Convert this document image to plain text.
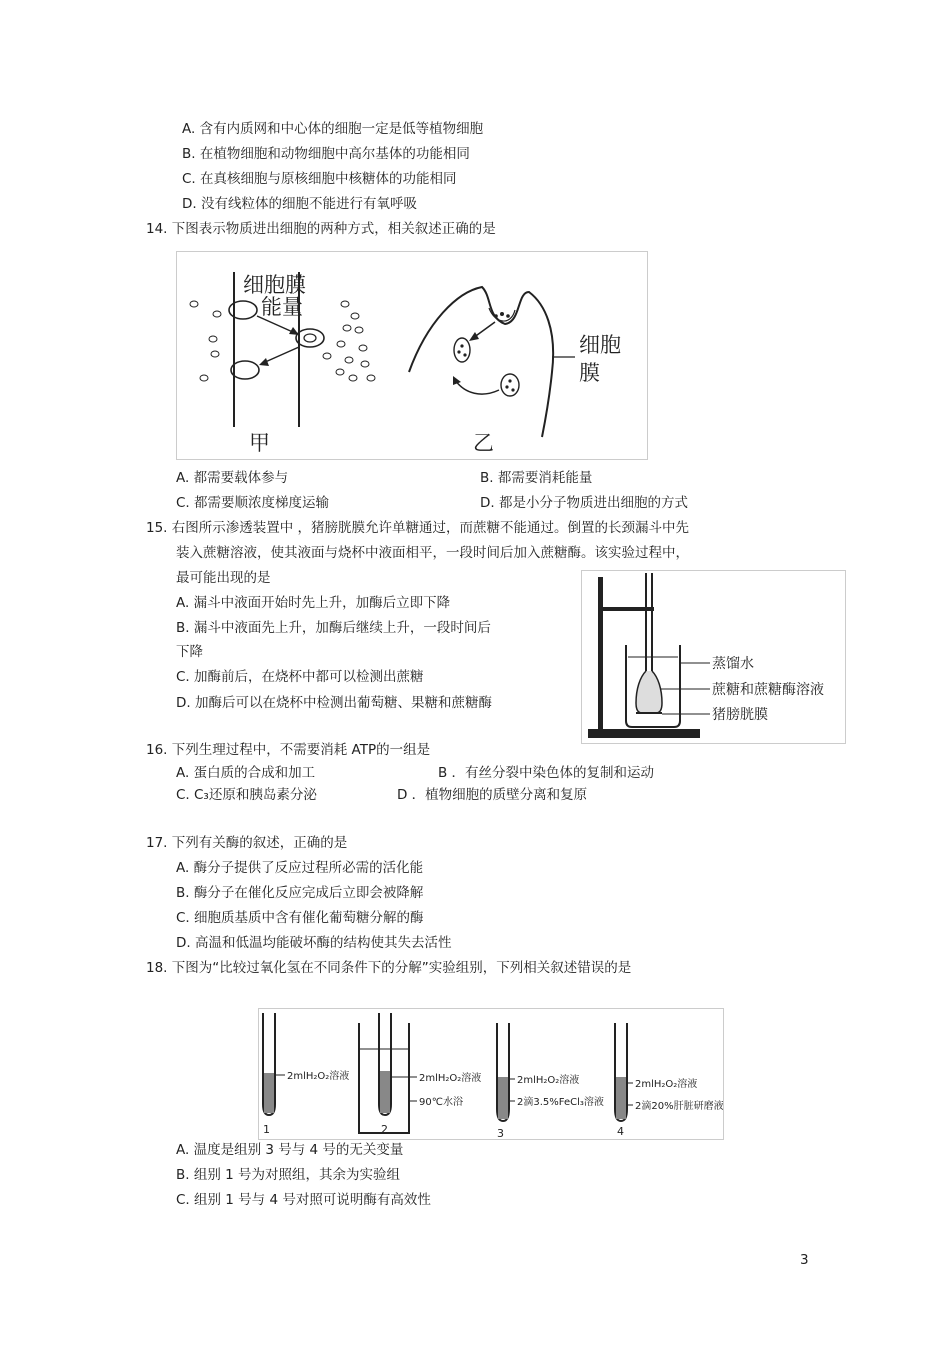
A. 含有内质网和中心体的细胞一定是低等植物细胞
B. 在植物细胞和动物细胞中高尔基体的功能相同
C. 在真核细胞与原核细胞中核糖体的功能相同
D. 没有线粒体的细胞不能进行有氧呼吸
14. 下图表示物质进出细胞的两种方式，相关叙述正确的是
细胞膜
能量
甲
细胞
膜
乙
A. 都需要载体参与	B. 都需要消耗能量
C. 都需要顺浓度梯度运输	D. 都是小分子物质进出细胞的方式
15. 右图所示渗透装置中 ，猪膀胱膜允许单糖通过，而蔗糖不能通过。倒置的长颈漏斗中先
装入蔗糖溶液，使其液面与烧杯中液面相平，一段时间后加入蔗糖酶。该实验过程中，
最可能出现的是
A. 漏斗中液面开始时先上升，加酶后立即下降
B. 漏斗中液面先上升，加酶后继续上升，一段时间后
下降
C. 加酶前后，在烧杯中都可以检测出蔗糖
D. 加酶后可以在烧杯中检测出葡萄糖、果糖和蔗糖酶
蒸馏水
蔗糖和蔗糖酶溶液
猪膀胱膜
16. 下列生理过程中，不需要消耗 ATP的一组是
A. 蛋白质的合成和加工	B ．有丝分裂中染色体的复制和运动
C. C₃还原和胰岛素分泌	D ．植物细胞的质壁分离和复原
17. 下列有关酶的叙述，正确的是
A. 酶分子提供了反应过程所必需的活化能
B. 酶分子在催化反应完成后立即会被降解
C. 细胞质基质中含有催化葡萄糖分解的酶
D. 高温和低温均能破坏酶的结构使其失去活性
18. 下图为“比较过氧化氢在不同条件下的分解”实验组别，下列相关叙述错误的是
2mlH₂O₂溶液
1
2mlH₂O₂溶液
90℃水浴
2
2mlH₂O₂溶液
2滴3.5%FeCl₃溶液
3
2mlH₂O₂溶液
2滴20%肝脏研磨液
4
A. 温度是组别 3 号与 4 号的无关变量
B. 组别 1 号为对照组，其余为实验组
C. 组别 1 号与 4 号对照可说明酶有高效性
3
